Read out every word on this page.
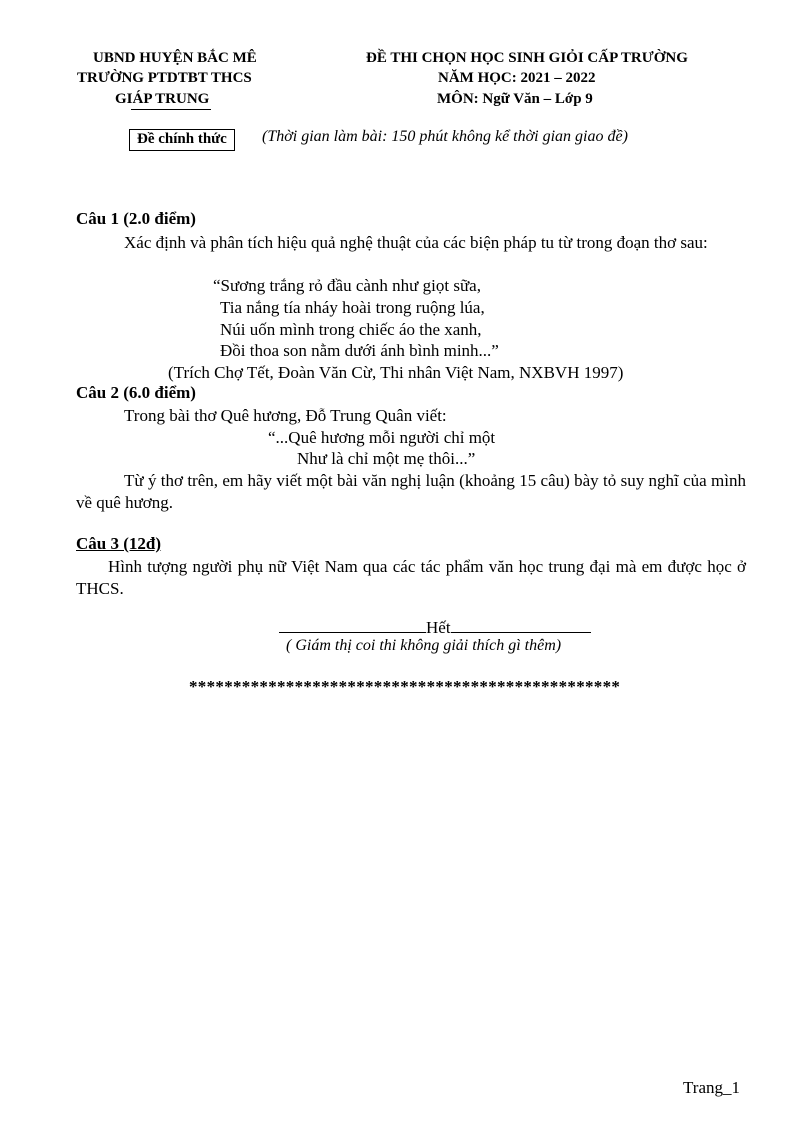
UBND HUYỆN BẮC MÊ
TRƯỜNG PTDTBT THCS
GIÁP TRUNG
ĐỀ THI CHỌN HỌC SINH GIỎI CẤP TRƯỜNG
NĂM HỌC: 2021 – 2022
MÔN: Ngữ Văn – Lớp 9
Đề chính thức	(Thời gian làm bài: 150 phút không kể thời gian giao đề)
Câu 1 (2.0 điểm)
Xác định và phân tích hiệu quả nghệ thuật của các biện pháp tu từ trong đoạn thơ sau:
“Sương trắng rỏ đầu cành như giọt sữa,
Tia nắng tía nháy hoài trong ruộng lúa,
Núi uốn mình trong chiếc áo the xanh,
Đồi thoa son nằm dưới ánh bình minh...”
(Trích Chợ Tết, Đoàn Văn Cừ, Thi nhân Việt Nam, NXBVH 1997)
Câu 2 (6.0 điểm)
Trong bài thơ Quê hương, Đỗ Trung Quân viết:
“...Quê hương mỗi người chỉ một
Như là chỉ một mẹ thôi...”
Từ ý thơ trên, em hãy viết một bài văn nghị luận (khoảng 15 câu) bày tỏ suy nghĩ của mình về quê hương.
Câu 3 (12đ)
Hình tượng người phụ nữ Việt Nam qua các tác phẩm văn học trung đại mà em được học ở THCS.
Hết
( Giám thị coi thi không giải thích gì thêm)
*************************************************
Trang_1
